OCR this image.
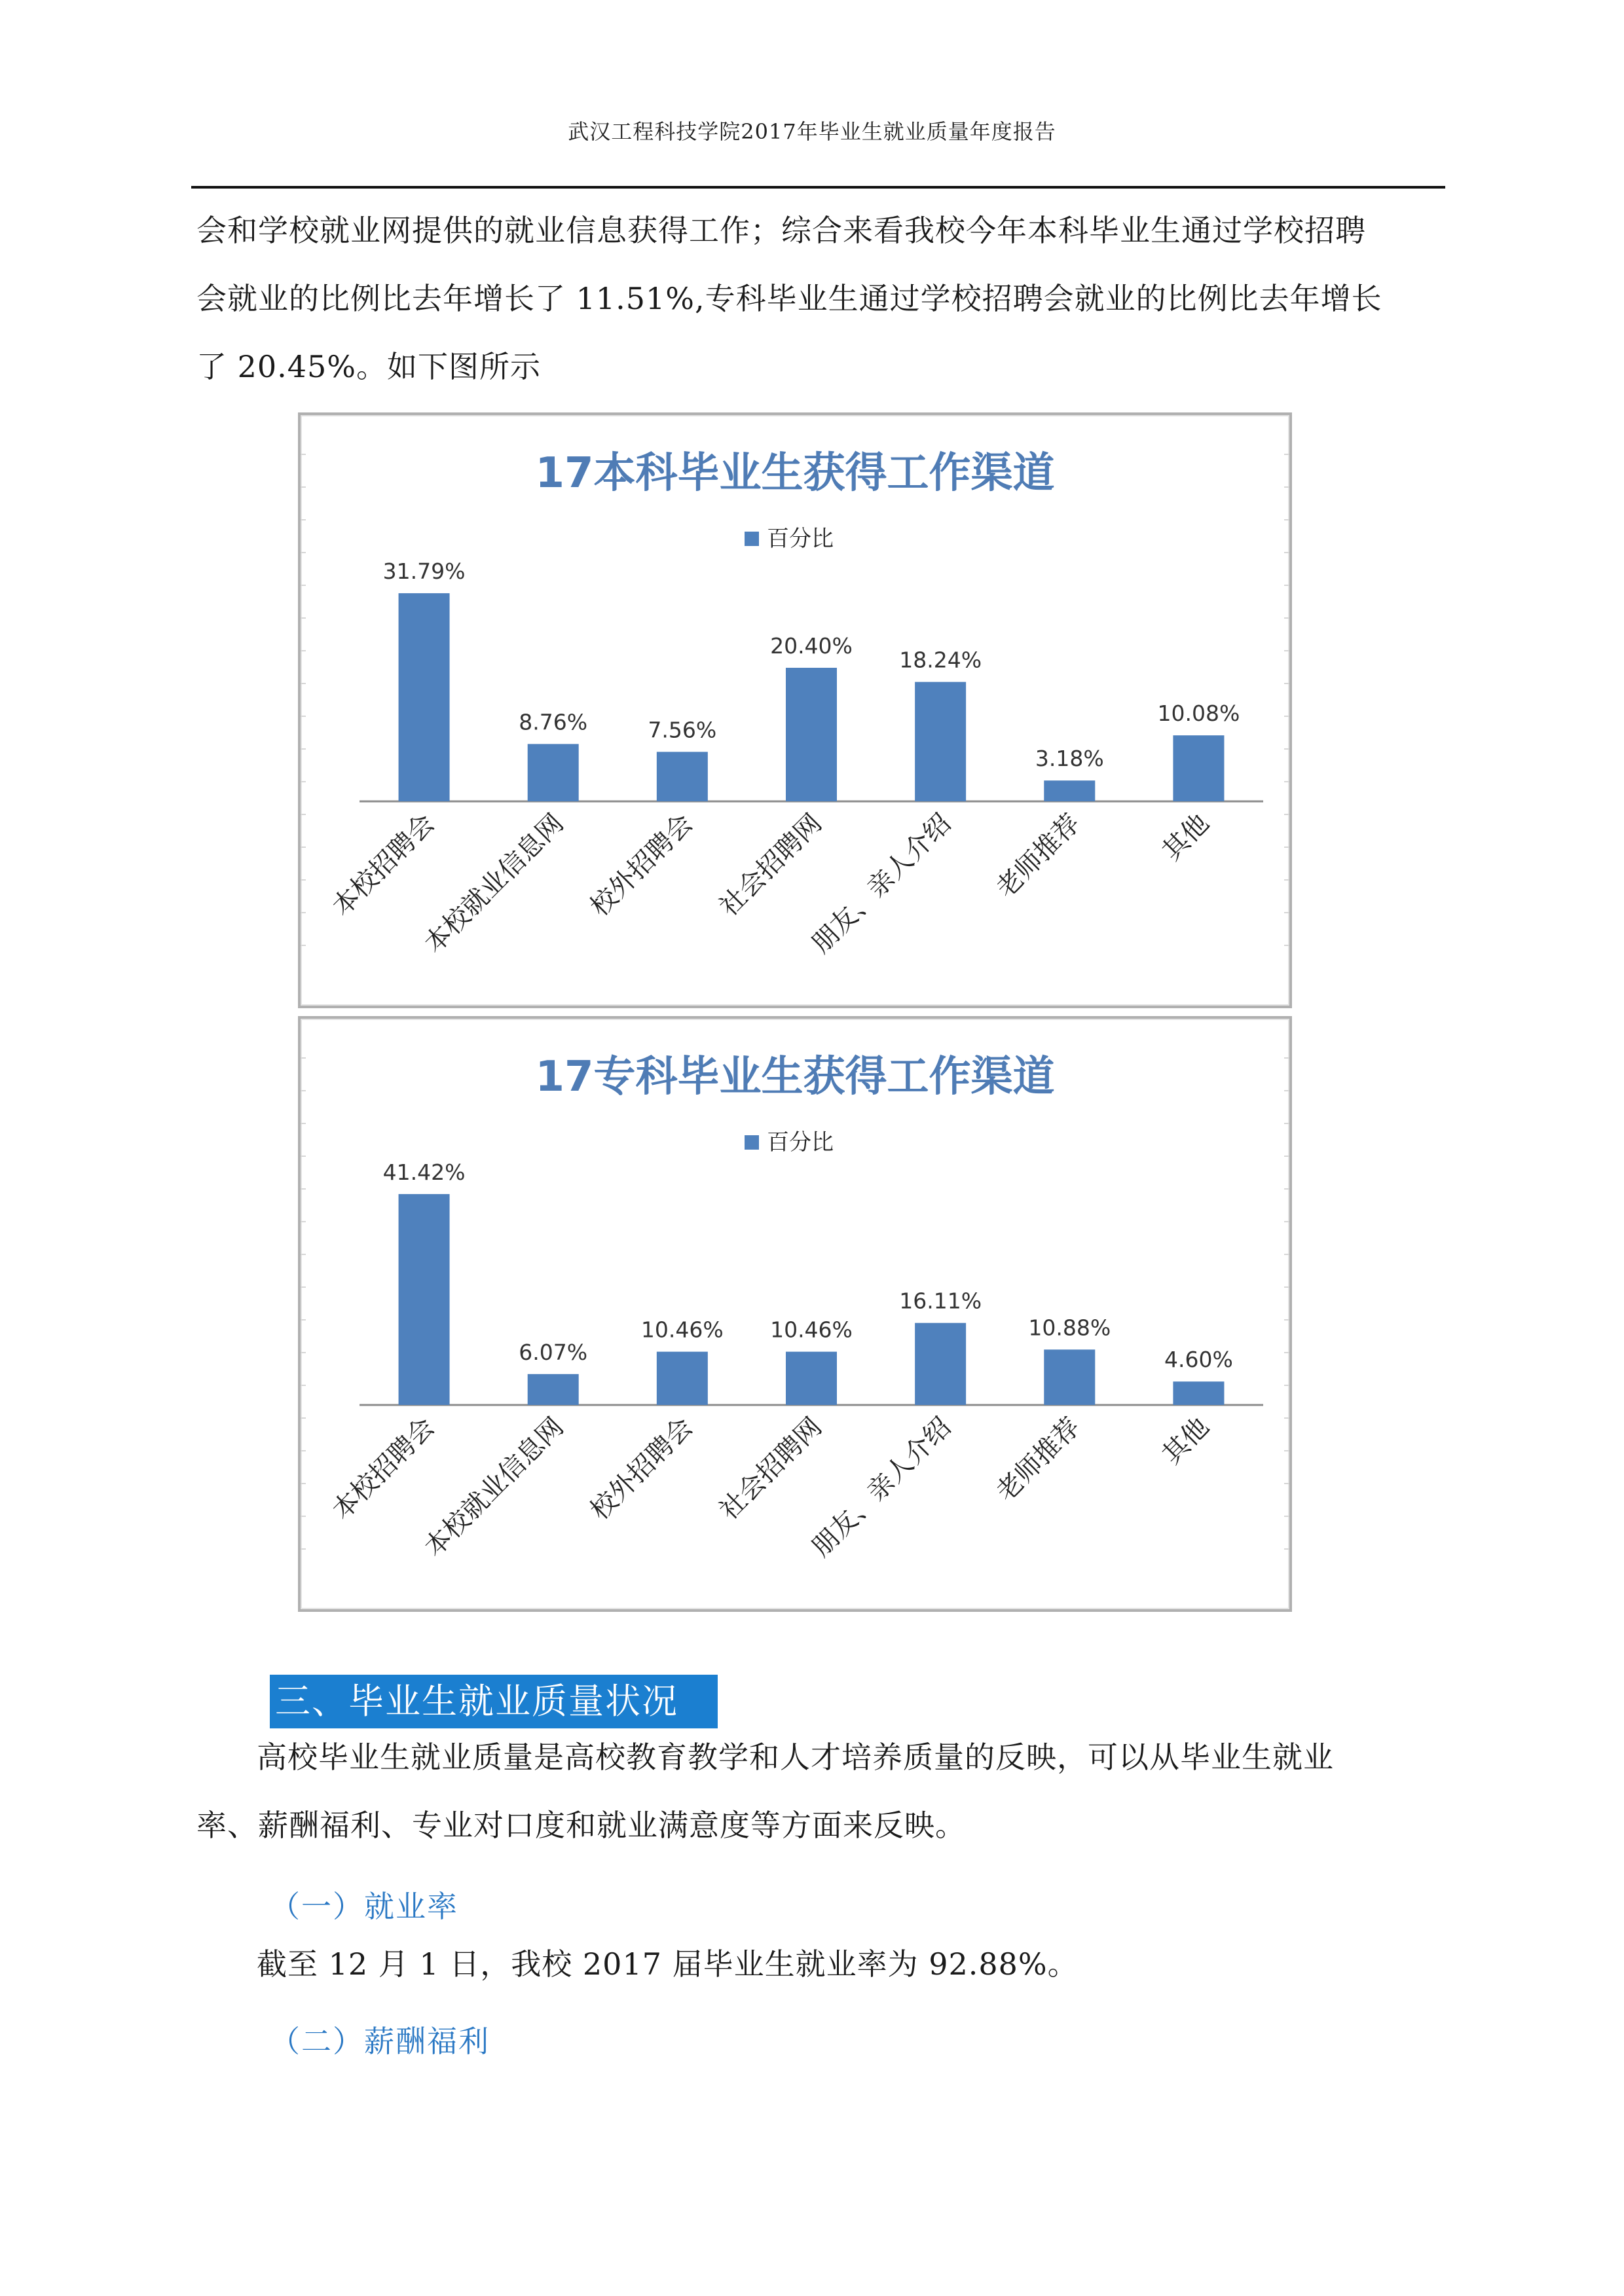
武汉工程科技学院2017年毕业生就业质量年度报告

会和学校就业网提供的就业信息获得工作；综合来看我校今年本科毕业生通过学校招聘

会就业的比例比去年增长了 11.51%,专科毕业生通过学校招聘会就业的比例比去年增长

了 20.45%。如下图所示

17本科毕业生获得工作渠道
百分比
31.79%
本校招聘会
8.76%
本校就业信息网
7.56%
校外招聘会
20.40%
社会招聘网
18.24%
朋友、亲人介绍
3.18%
老师推荐
10.08%
其他
17专科毕业生获得工作渠道
百分比
41.42%
本校招聘会
6.07%
本校就业信息网
10.46%
校外招聘会
10.46%
社会招聘网
16.11%
朋友、亲人介绍
10.88%
老师推荐
4.60%
其他
三、毕业生就业质量状况

高校毕业生就业质量是高校教育教学和人才培养质量的反映，可以从毕业生就业

率、薪酬福利、专业对口度和就业满意度等方面来反映。

（一）就业率

截至 12 月 1 日，我校 2017 届毕业生就业率为 92.88%。

（二）薪酬福利
